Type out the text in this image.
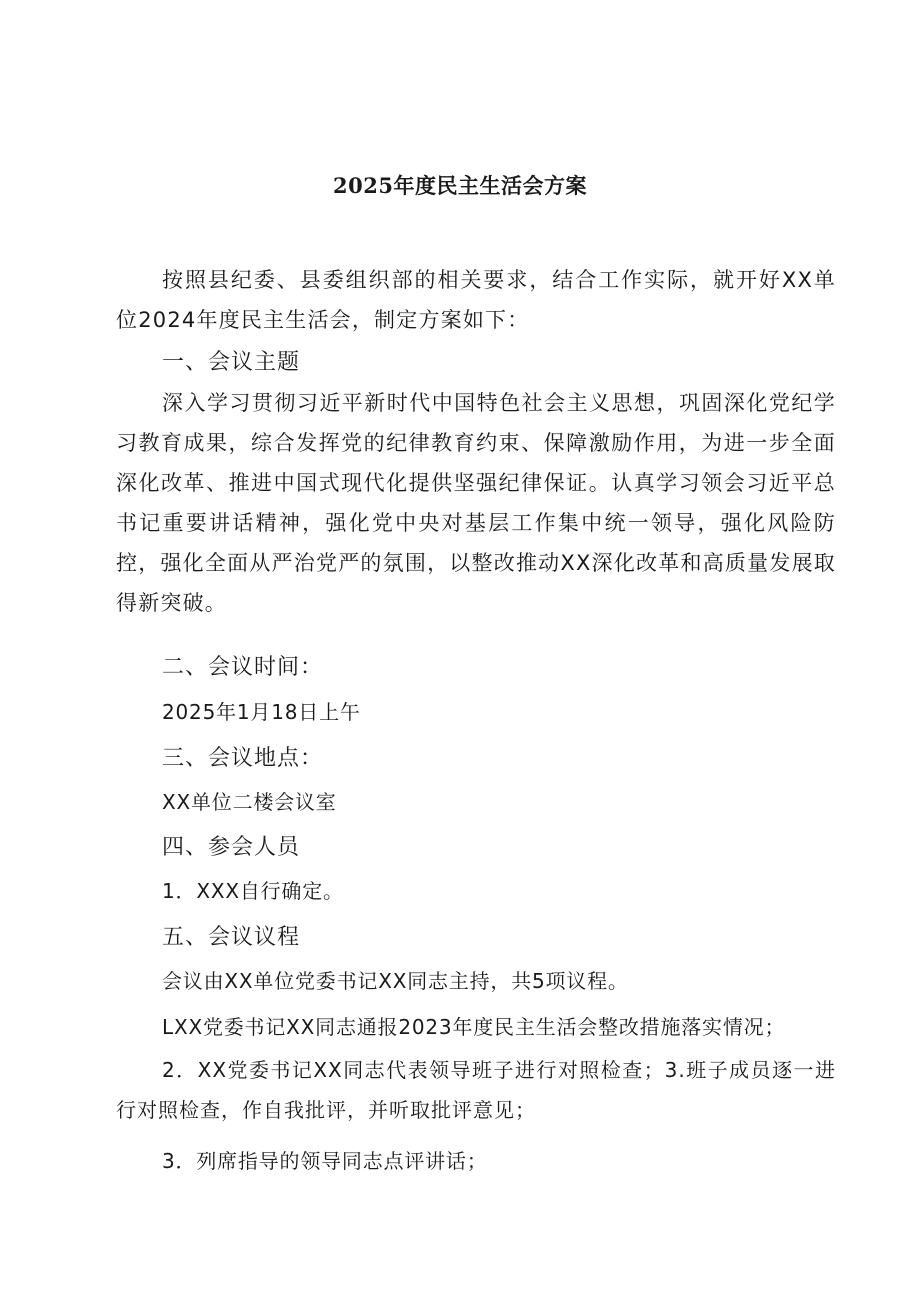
2025年度民主生活会方案
按照县纪委、县委组织部的相关要求，结合工作实际，就开好XX单位2024年度民主生活会，制定方案如下：
一、会议主题
深入学习贯彻习近平新时代中国特色社会主义思想，巩固深化党纪学习教育成果，综合发挥党的纪律教育约束、保障激励作用，为进一步全面深化改革、推进中国式现代化提供坚强纪律保证。认真学习领会习近平总书记重要讲话精神，强化党中央对基层工作集中统一领导，强化风险防控，强化全面从严治党严的氛围，以整改推动XX深化改革和高质量发展取得新突破。
二、会议时间：
2025年1月18日上午
三、会议地点：
XX单位二楼会议室
四、参会人员
1．XXX自行确定。
五、会议议程
会议由XX单位党委书记XX同志主持，共5项议程。
LXX党委书记XX同志通报2023年度民主生活会整改措施落实情况；
2．XX党委书记XX同志代表领导班子进行对照检查；3.班子成员逐一进行对照检查，作自我批评，并听取批评意见；
3．列席指导的领导同志点评讲话；
